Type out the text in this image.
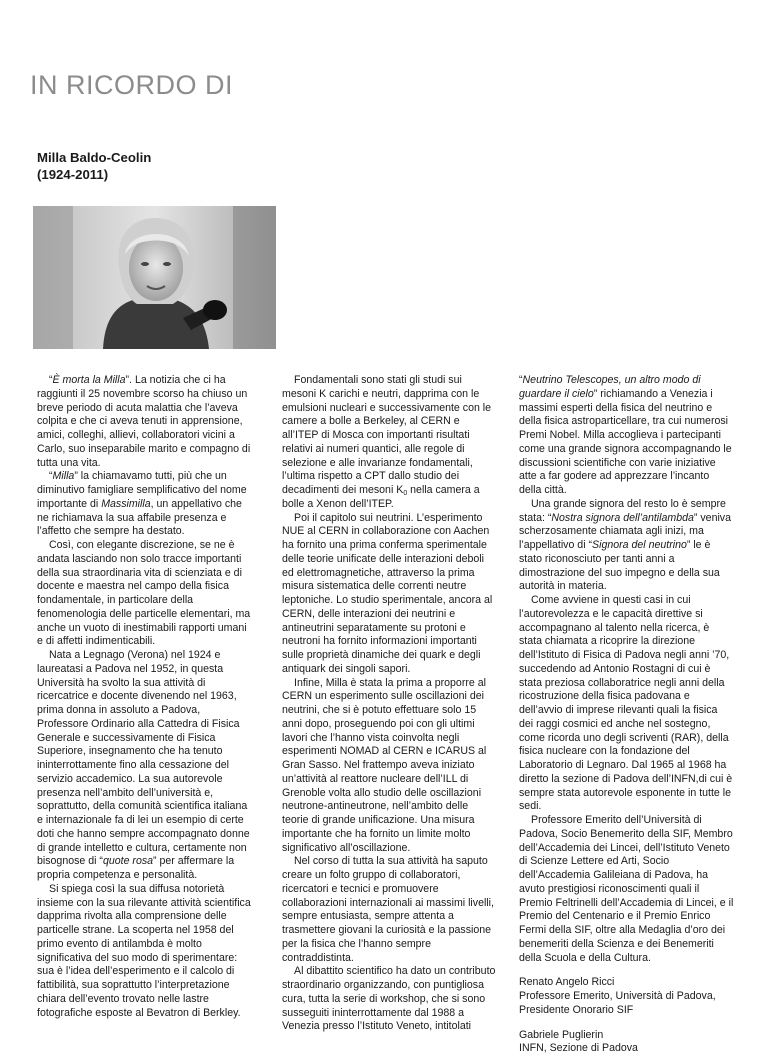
IN RICORDO DI
Milla Baldo-Ceolin
(1924-2011)

“È morta la Milla”. La notizia che ci ha raggiunti il 25 novembre scorso ha chiuso un breve periodo di acuta malattia che l’aveva colpita e che ci aveva tenuti in apprensione, amici, colleghi, allievi, collaboratori vicini a Carlo, suo inseparabile marito e compagno di tutta una vita.

“Milla” la chiamavamo tutti, più che un diminutivo famigliare semplificativo del nome importante di Massimilla, un appellativo che ne richiamava la sua affabile presenza e l’affetto che sempre ha destato.

Così, con elegante discrezione, se ne è andata lasciando non solo tracce importanti della sua straordinaria vita di scienziata e di docente e maestra nel campo della fisica fondamentale, in particolare della fenomenologia delle particelle elementari, ma anche un vuoto di inestimabili rapporti umani e di affetti indimenticabili.

Nata a Legnago (Verona) nel 1924 e laureatasi a Padova nel 1952, in questa Università ha svolto la sua attività di ricercatrice e docente divenendo nel 1963, prima donna in assoluto a Padova, Professore Ordinario alla Cattedra di Fisica Generale e successivamente di Fisica Superiore, insegnamento che ha tenuto ininterrottamente fino alla cessazione del servizio accademico. La sua autorevole presenza nell’ambito dell’università e, soprattutto, della comunità scientifica italiana e internazionale fa di lei un esempio di certe doti che hanno sempre accompagnato donne di grande intelletto e cultura, certamente non bisognose di “quote rosa” per affermare la propria competenza e personalità.

Si spiega così la sua diffusa notorietà insieme con la sua rilevante attività scientifica dapprima rivolta alla comprensione delle particelle strane. La scoperta nel 1958 del primo evento di antilambda è molto significativa del suo modo di sperimentare: sua è l’idea dell’esperimento e il calcolo di fattibilità, sua soprattutto l’interpretazione chiara dell’evento trovato nelle lastre fotografiche esposte al Bevatron di Berkley.

Fondamentali sono stati gli studi sui mesoni K carichi e neutri, dapprima con le emulsioni nucleari e successivamente con le camere a bolle a Berkeley, al CERN e all’ITEP di Mosca con importanti risultati relativi ai numeri quantici, alle regole di selezione e alle invarianze fondamentali, l’ultima rispetto a CPT dallo studio dei decadimenti dei mesoni $K_0$ nella camera a bolle a Xenon dell’ITEP.

Poi il capitolo sui neutrini. L’esperimento NUE al CERN in collaborazione con Aachen ha fornito una prima conferma sperimentale delle teorie unificate delle interazioni deboli ed elettromagnetiche, attraverso la prima misura sistematica delle correnti neutre leptoniche. Lo studio sperimentale, ancora al CERN, delle interazioni dei neutrini e antineutrini separatamente su protoni e neutroni ha fornito informazioni importanti sulle proprietà dinamiche dei quark e degli antiquark dei singoli sapori.

Infine, Milla è stata la prima a proporre al CERN un esperimento sulle oscillazioni dei neutrini, che si è potuto effettuare solo 15 anni dopo, proseguendo poi con gli ultimi lavori che l’hanno vista coinvolta negli esperimenti NOMAD al CERN e ICARUS al Gran Sasso. Nel frattempo aveva iniziato un’attività al reattore nucleare dell’ILL di Grenoble volta allo studio delle oscillazioni neutrone-antineutrone, nell’ambito delle teorie di grande unificazione. Una misura importante che ha fornito un limite molto significativo all’oscillazione.

Nel corso di tutta la sua attività ha saputo creare un folto gruppo di collaboratori, ricercatori e tecnici e promuovere collaborazioni internazionali ai massimi livelli, sempre entusiasta, sempre attenta a trasmettere giovani la curiosità e la passione per la fisica che l’hanno sempre contraddistinta.

Al dibattito scientifico ha dato un contributo straordinario organizzando, con puntigliosa cura, tutta la serie di workshop, che si sono susseguiti ininterrottamente dal 1988 a Venezia presso l’Istituto Veneto, intitolati

“Neutrino Telescopes, un altro modo di guardare il cielo” richiamando a Venezia i massimi esperti della fisica del neutrino e della fisica astroparticellare, tra cui numerosi Premi Nobel. Milla accoglieva i partecipanti come una grande signora accompagnando le discussioni scientifiche con varie iniziative atte a far godere ad apprezzare l’incanto della città.

Una grande signora del resto lo è sempre stata: “Nostra signora dell’antilambda” veniva scherzosamente chiamata agli inizi, ma l’appellativo di “Signora del neutrino” le è stato riconosciuto per tanti anni a dimostrazione del suo impegno e della sua autorità in materia.

Come avviene in questi casi in cui l’autorevolezza e le capacità direttive si accompagnano al talento nella ricerca, è stata chiamata a ricoprire la direzione dell’Istituto di Fisica di Padova negli anni ’70, succedendo ad Antonio Rostagni di cui è stata preziosa collaboratrice negli anni della ricostruzione della fisica padovana e dell’avvio di imprese rilevanti quali la fisica dei raggi cosmici ed anche nel sostegno, come ricorda uno degli scriventi (RAR), della fisica nucleare con la fondazione del Laboratorio di Legnaro. Dal 1965 al 1968 ha diretto la sezione di Padova dell’INFN,di cui è sempre stata autorevole esponente in tutte le sedi.

Professore Emerito dell’Università di Padova, Socio Benemerito della SIF, Membro dell’Accademia dei Lincei, dell’Istituto Veneto di Scienze Lettere ed Arti, Socio dell’Accademia Galileiana di Padova, ha avuto prestigiosi riconoscimenti quali il Premio Feltrinelli dell’Accademia di Lincei, e il Premio del Centenario e il Premio Enrico Fermi della SIF, oltre alla Medaglia d’oro dei benemeriti della Scienza e dei Benemeriti della Scuola e della Cultura.

Renato Angelo Ricci
Professore Emerito, Università di Padova, Presidente Onorario SIF

Gabriele Puglierin
INFN, Sezione di Padova
